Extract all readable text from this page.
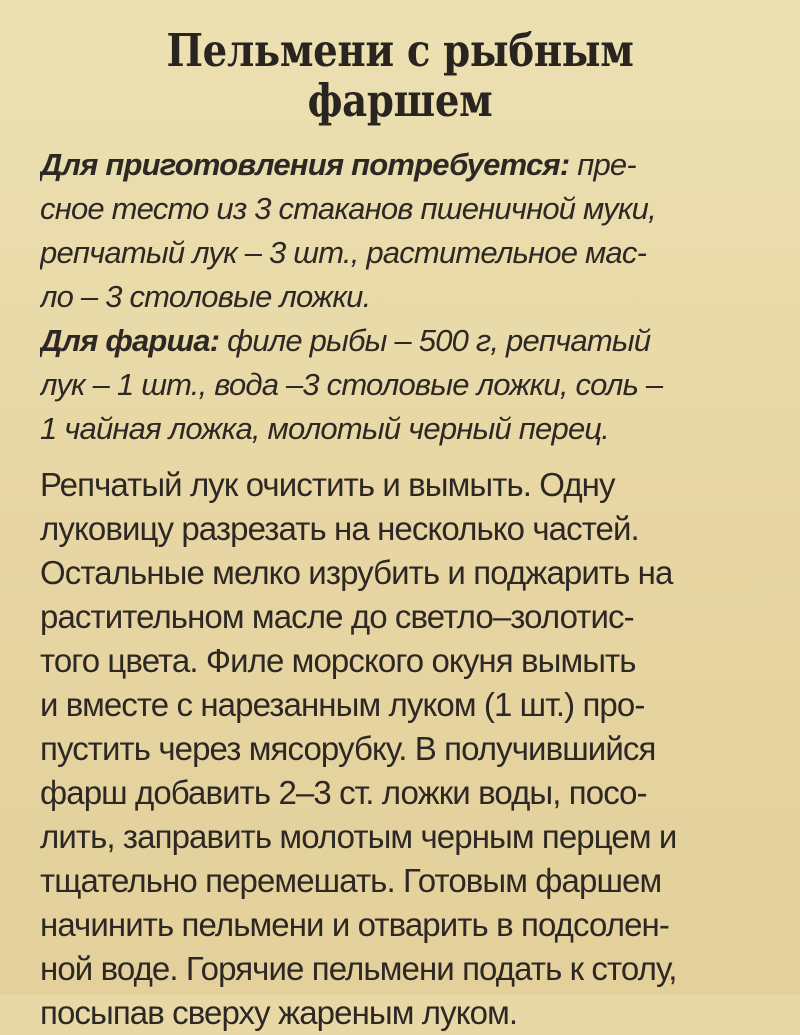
Пельмени с рыбным фаршем
Для приготовления потребуется: пре-
сное тесто из 3 стаканов пшеничной муки,
репчатый лук – 3 шт., растительное мас-
ло – 3 столовые ложки.
Для фарша: филе рыбы – 500 г, репчатый
лук – 1 шт., вода –3 столовые ложки, соль –
1 чайная ложка, молотый черный перец.
Репчатый лук очистить и вымыть. Одну
луковицу разрезать на несколько частей.
Остальные мелко изрубить и поджарить на
растительном масле до светло–золотис-
того цвета. Филе морского окуня вымыть
и вместе с нарезанным луком (1 шт.) про-
пустить через мясорубку. В получившийся
фарш добавить 2–3 ст. ложки воды, посо-
лить, заправить молотым черным перцем и
тщательно перемешать. Готовым фаршем
начинить пельмени и отварить в подсолен-
ной воде. Горячие пельмени подать к столу,
посыпав сверху жареным луком.
